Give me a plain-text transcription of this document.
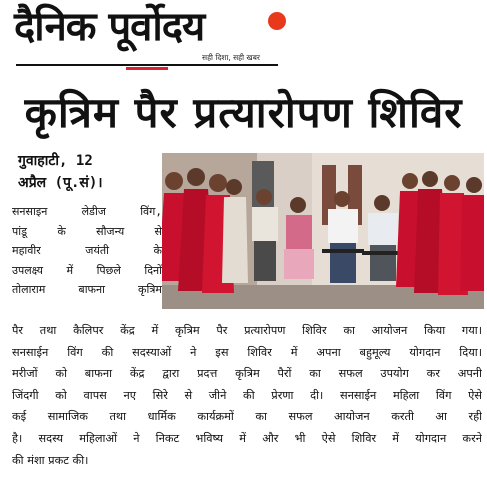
दैनिक पूर्वोदय
सही दिशा, सही खबर
कृत्रिम पैर प्रत्यारोपण शिविर
गुवाहाटी, 12
अप्रैल (पू.सं)।
सनसाइन लेडीज विंग,
पांडू के सौजन्य से
महावीर जयंती के
उपलक्ष्य में पिछले दिनों
तोलाराम बाफना कृत्रिम
पैर तथा कैलिपर केंद्र में कृत्रिम पैर प्रत्यारोपण शिविर का आयोजन किया गया।
सनसाईन विंग की सदस्याओं ने इस शिविर में अपना बहुमूल्य योगदान दिया।
मरीजों को बाफना केंद्र द्वारा प्रदत्त कृत्रिम पैरों का सफल उपयोग कर अपनी
जिंदगी को वापस नए सिरे से जीने की प्रेरणा दी। सनसाईन महिला विंग ऐसे
कई सामाजिक तथा धार्मिक कार्यक्रमों का सफल आयोजन करती आ रही
है। सदस्य महिलाओं ने निकट भविष्य में और भी ऐसे शिविर में योगदान करने
की मंशा प्रकट की।
